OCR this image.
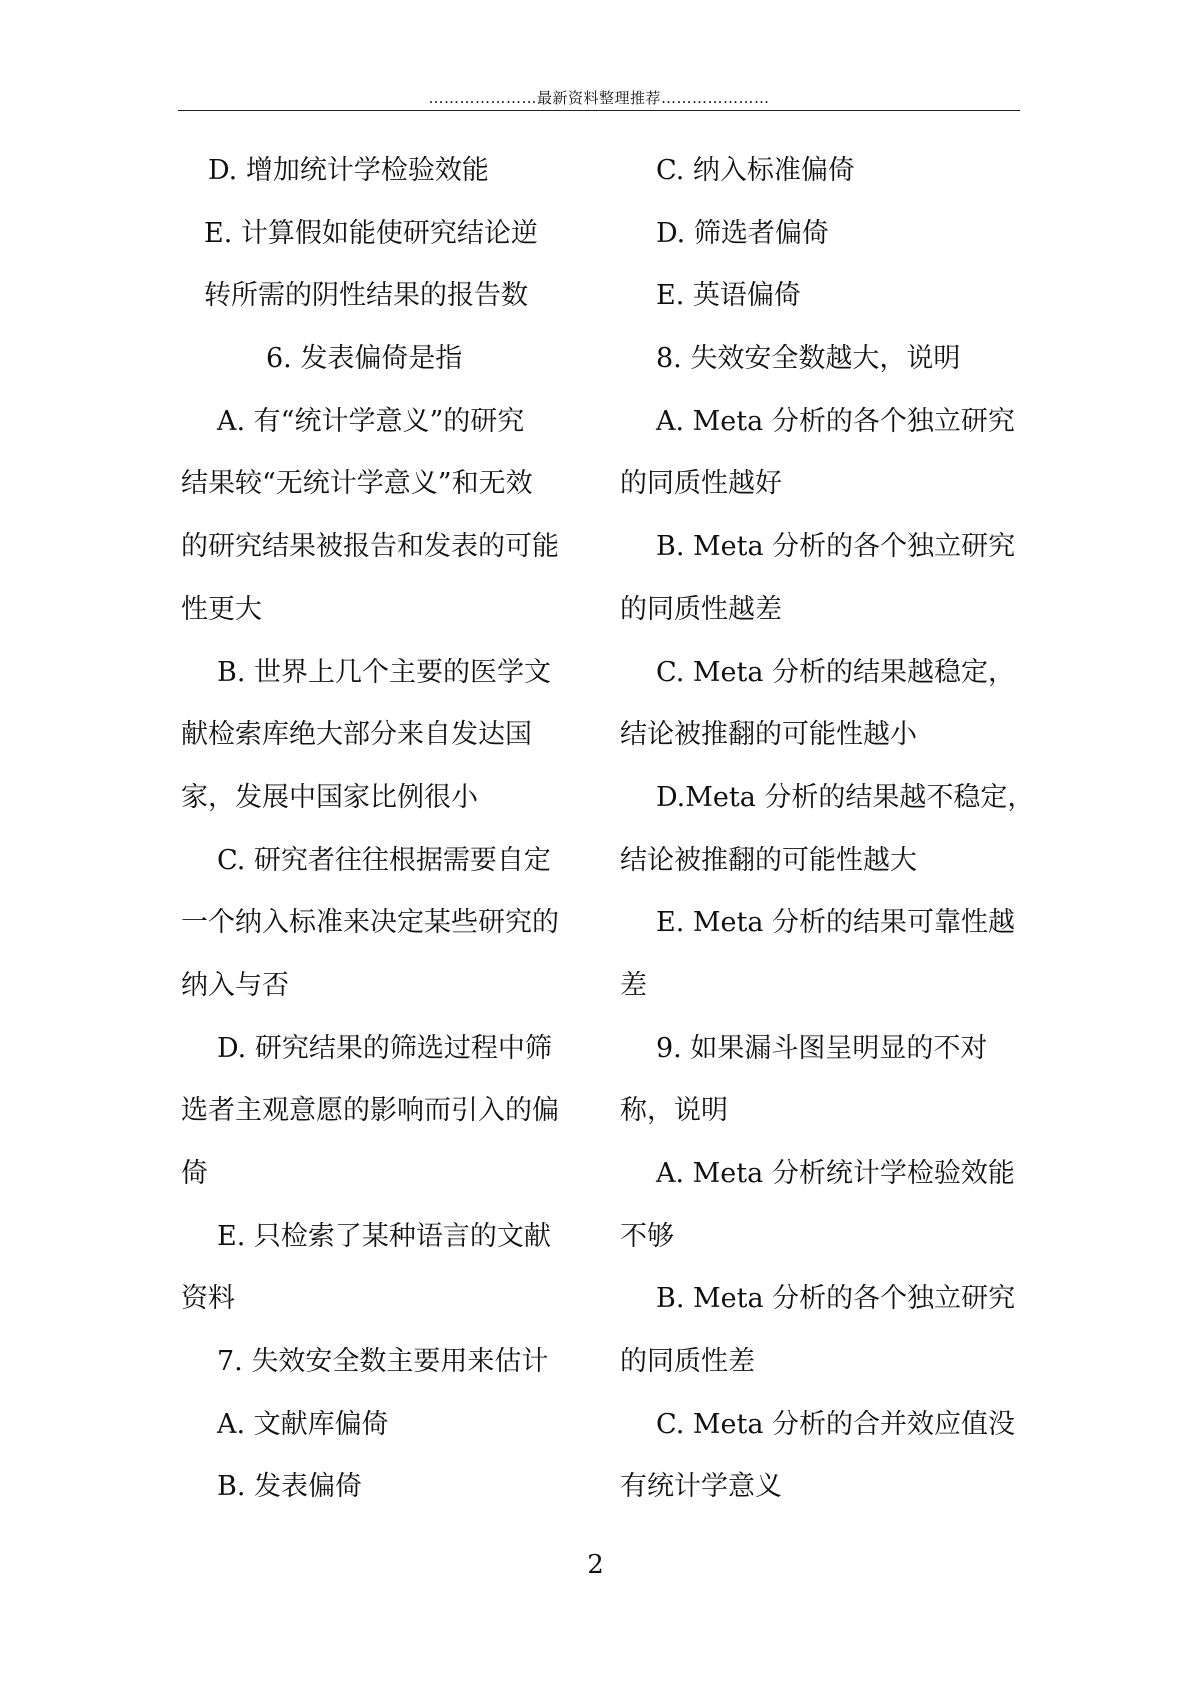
…………………最新资料整理推荐…………………
D. 增加统计学检验效能
E. 计算假如能使研究结论逆
转所需的阴性结果的报告数
6. 发表偏倚是指
A. 有“统计学意义”的研究
结果较“无统计学意义”和无效
的研究结果被报告和发表的可能
性更大
B. 世界上几个主要的医学文
献检索库绝大部分来自发达国
家，发展中国家比例很小
C. 研究者往往根据需要自定
一个纳入标准来决定某些研究的
纳入与否
D. 研究结果的筛选过程中筛
选者主观意愿的影响而引入的偏
倚
E. 只检索了某种语言的文献
资料
7. 失效安全数主要用来估计
A. 文献库偏倚
B. 发表偏倚
C. 纳入标准偏倚
D. 筛选者偏倚
E. 英语偏倚
8. 失效安全数越大，说明
A. Meta 分析的各个独立研究
的同质性越好
B. Meta 分析的各个独立研究
的同质性越差
C. Meta 分析的结果越稳定，
结论被推翻的可能性越小
D.Meta 分析的结果越不稳定，
结论被推翻的可能性越大
E. Meta 分析的结果可靠性越
差
9. 如果漏斗图呈明显的不对
称，说明
A. Meta 分析统计学检验效能
不够
B. Meta 分析的各个独立研究
的同质性差
C. Meta 分析的合并效应值没
有统计学意义
2
